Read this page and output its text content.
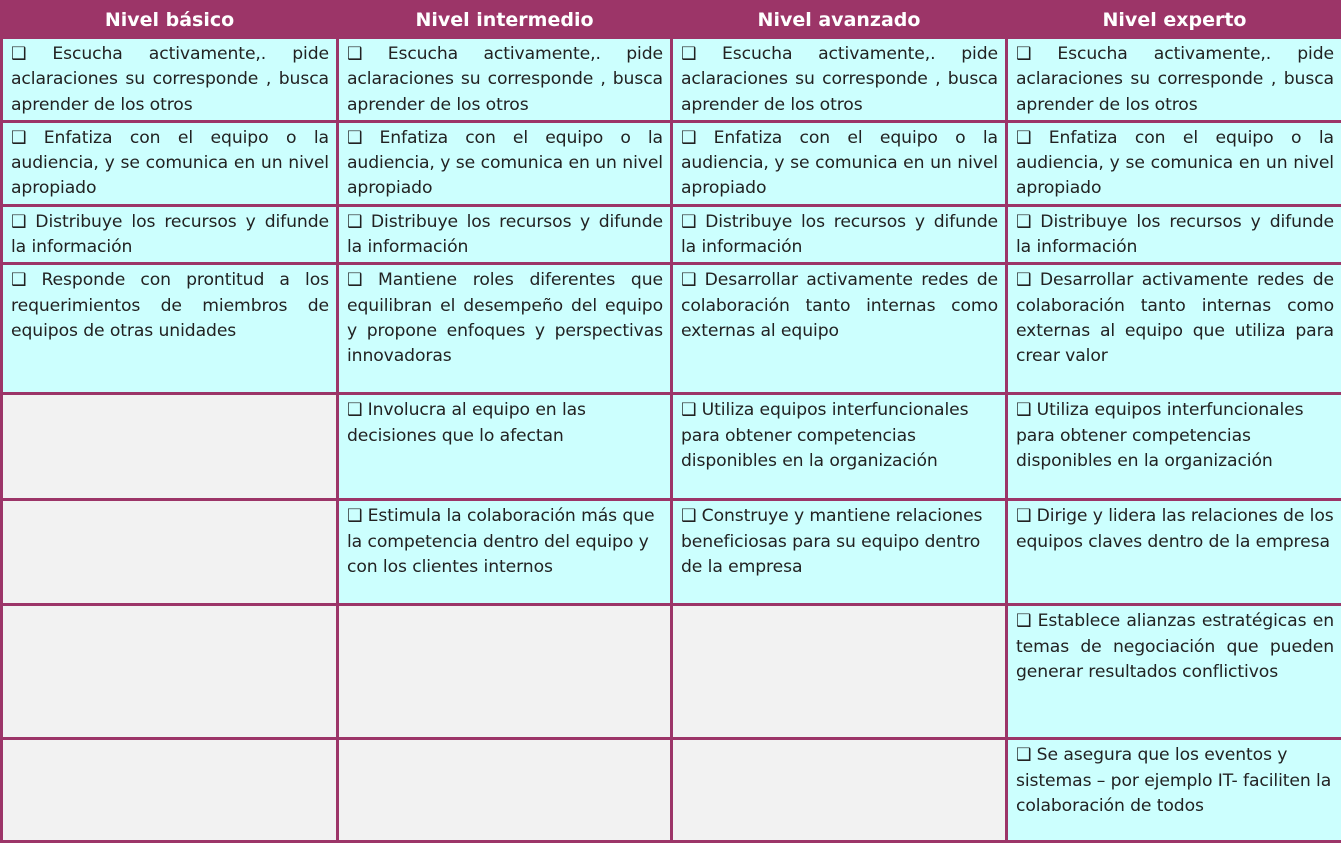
Nivel básico	Nivel intermedio	Nivel avanzado	Nivel experto

❑ Escucha activamente,. pide aclaraciones su corresponde , busca aprender de los otros	❑ Escucha activamente,. pide aclaraciones su corresponde , busca aprender de los otros	❑ Escucha activamente,. pide aclaraciones su corresponde , busca aprender de los otros	❑ Escucha activamente,. pide aclaraciones su corresponde , busca aprender de los otros

❑ Enfatiza con el equipo o la audiencia, y se comunica en un nivel apropiado	❑ Enfatiza con el equipo o la audiencia, y se comunica en un nivel apropiado	❑ Enfatiza con el equipo o la audiencia, y se comunica en un nivel apropiado	❑ Enfatiza con el equipo o la audiencia, y se comunica en un nivel apropiado

❑ Distribuye los recursos y difunde la información	❑ Distribuye los recursos y difunde la información	❑ Distribuye los recursos y difunde la información	❑ Distribuye los recursos y difunde la información

❑ Responde con prontitud a los requerimientos de miembros de equipos de otras unidades	❑ Mantiene roles diferentes que equilibran el desempeño del equipo y propone enfoques y perspectivas innovadoras	❑ Desarrollar activamente redes de colaboración tanto internas como externas al equipo	❑ Desarrollar activamente redes de colaboración tanto internas como externas al equipo que utiliza para crear valor

	❑ Involucra al equipo en las decisiones que lo afectan	❑ Utiliza equipos interfuncionales para obtener competencias disponibles en la organización	❑ Utiliza equipos interfuncionales para obtener competencias disponibles en la organización

	❑ Estimula la colaboración más que la competencia dentro del equipo y con los clientes internos	❑ Construye y mantiene relaciones beneficiosas para su equipo dentro de la empresa	❑ Dirige y lidera las relaciones de los equipos claves dentro de la empresa

			❑ Establece alianzas estratégicas en temas de negociación que pueden generar resultados conflictivos

			❑ Se asegura que los eventos y sistemas – por ejemplo IT- faciliten la colaboración de todos
